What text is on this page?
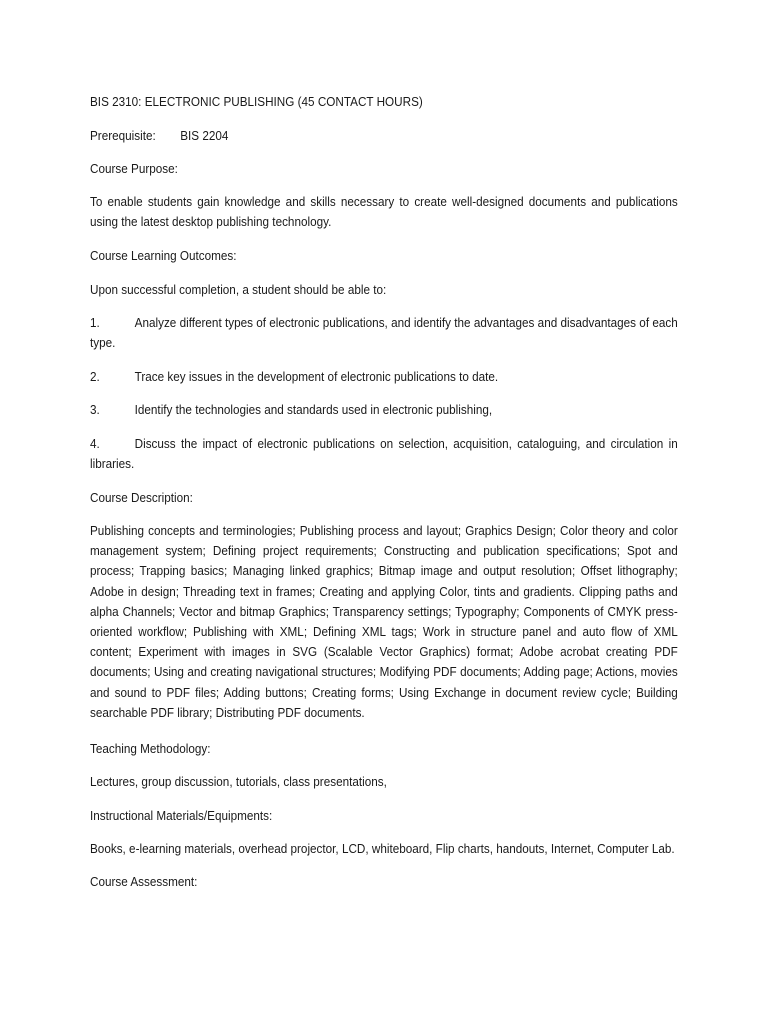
BIS 2310: ELECTRONIC PUBLISHING (45 CONTACT HOURS)
Prerequisite: BIS 2204
Course Purpose:
To enable students gain knowledge and skills necessary to create well-designed documents and publications using the latest desktop publishing technology.
Course Learning Outcomes:
Upon successful completion, a student should be able to:
1.	Analyze different types of electronic publications, and identify the advantages and disadvantages of each type.
2.	Trace key issues in the development of electronic publications to date.
3.	Identify the technologies and standards used in electronic publishing,
4.	Discuss the impact of electronic publications on selection, acquisition, cataloguing, and circulation in libraries.
Course Description:
Publishing concepts and terminologies; Publishing process and layout; Graphics Design; Color theory and color management system; Defining project requirements; Constructing and publication specifications; Spot and process; Trapping basics; Managing linked graphics; Bitmap image and output resolution; Offset lithography; Adobe in design; Threading text in frames; Creating and applying Color, tints and gradients. Clipping paths and alpha Channels; Vector and bitmap Graphics; Transparency settings; Typography; Components of CMYK press-oriented workflow; Publishing with XML; Defining XML tags; Work in structure panel and auto flow of XML content; Experiment with images in SVG (Scalable Vector Graphics) format; Adobe acrobat creating PDF documents; Using and creating navigational structures; Modifying PDF documents; Adding page; Actions, movies and sound to PDF files; Adding buttons; Creating forms; Using Exchange in document review cycle; Building searchable PDF library; Distributing PDF documents.
Teaching Methodology:
Lectures, group discussion, tutorials, class presentations,
Instructional Materials/Equipments:
Books, e-learning materials, overhead projector, LCD, whiteboard, Flip charts, handouts, Internet, Computer Lab.
Course Assessment:
